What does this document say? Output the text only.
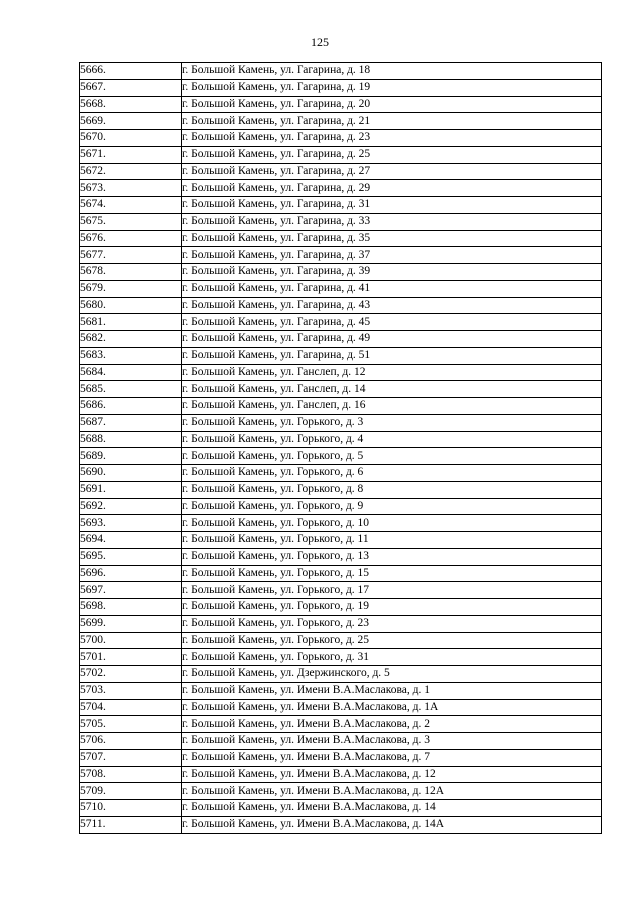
125
5666.	г. Большой Камень, ул. Гагарина, д. 18
5667.	г. Большой Камень, ул. Гагарина, д. 19
5668.	г. Большой Камень, ул. Гагарина, д. 20
5669.	г. Большой Камень, ул. Гагарина, д. 21
5670.	г. Большой Камень, ул. Гагарина, д. 23
5671.	г. Большой Камень, ул. Гагарина, д. 25
5672.	г. Большой Камень, ул. Гагарина, д. 27
5673.	г. Большой Камень, ул. Гагарина, д. 29
5674.	г. Большой Камень, ул. Гагарина, д. 31
5675.	г. Большой Камень, ул. Гагарина, д. 33
5676.	г. Большой Камень, ул. Гагарина, д. 35
5677.	г. Большой Камень, ул. Гагарина, д. 37
5678.	г. Большой Камень, ул. Гагарина, д. 39
5679.	г. Большой Камень, ул. Гагарина, д. 41
5680.	г. Большой Камень, ул. Гагарина, д. 43
5681.	г. Большой Камень, ул. Гагарина, д. 45
5682.	г. Большой Камень, ул. Гагарина, д. 49
5683.	г. Большой Камень, ул. Гагарина, д. 51
5684.	г. Большой Камень, ул. Ганслеп, д. 12
5685.	г. Большой Камень, ул. Ганслеп, д. 14
5686.	г. Большой Камень, ул. Ганслеп, д. 16
5687.	г. Большой Камень, ул. Горького, д. 3
5688.	г. Большой Камень, ул. Горького, д. 4
5689.	г. Большой Камень, ул. Горького, д. 5
5690.	г. Большой Камень, ул. Горького, д. 6
5691.	г. Большой Камень, ул. Горького, д. 8
5692.	г. Большой Камень, ул. Горького, д. 9
5693.	г. Большой Камень, ул. Горького, д. 10
5694.	г. Большой Камень, ул. Горького, д. 11
5695.	г. Большой Камень, ул. Горького, д. 13
5696.	г. Большой Камень, ул. Горького, д. 15
5697.	г. Большой Камень, ул. Горького, д. 17
5698.	г. Большой Камень, ул. Горького, д. 19
5699.	г. Большой Камень, ул. Горького, д. 23
5700.	г. Большой Камень, ул. Горького, д. 25
5701.	г. Большой Камень, ул. Горького, д. 31
5702.	г. Большой Камень, ул. Дзержинского, д. 5
5703.	г. Большой Камень, ул. Имени В.А.Маслакова, д. 1
5704.	г. Большой Камень, ул. Имени В.А.Маслакова, д. 1А
5705.	г. Большой Камень, ул. Имени В.А.Маслакова, д. 2
5706.	г. Большой Камень, ул. Имени В.А.Маслакова, д. 3
5707.	г. Большой Камень, ул. Имени В.А.Маслакова, д. 7
5708.	г. Большой Камень, ул. Имени В.А.Маслакова, д. 12
5709.	г. Большой Камень, ул. Имени В.А.Маслакова, д. 12А
5710.	г. Большой Камень, ул. Имени В.А.Маслакова, д. 14
5711.	г. Большой Камень, ул. Имени В.А.Маслакова, д. 14А
